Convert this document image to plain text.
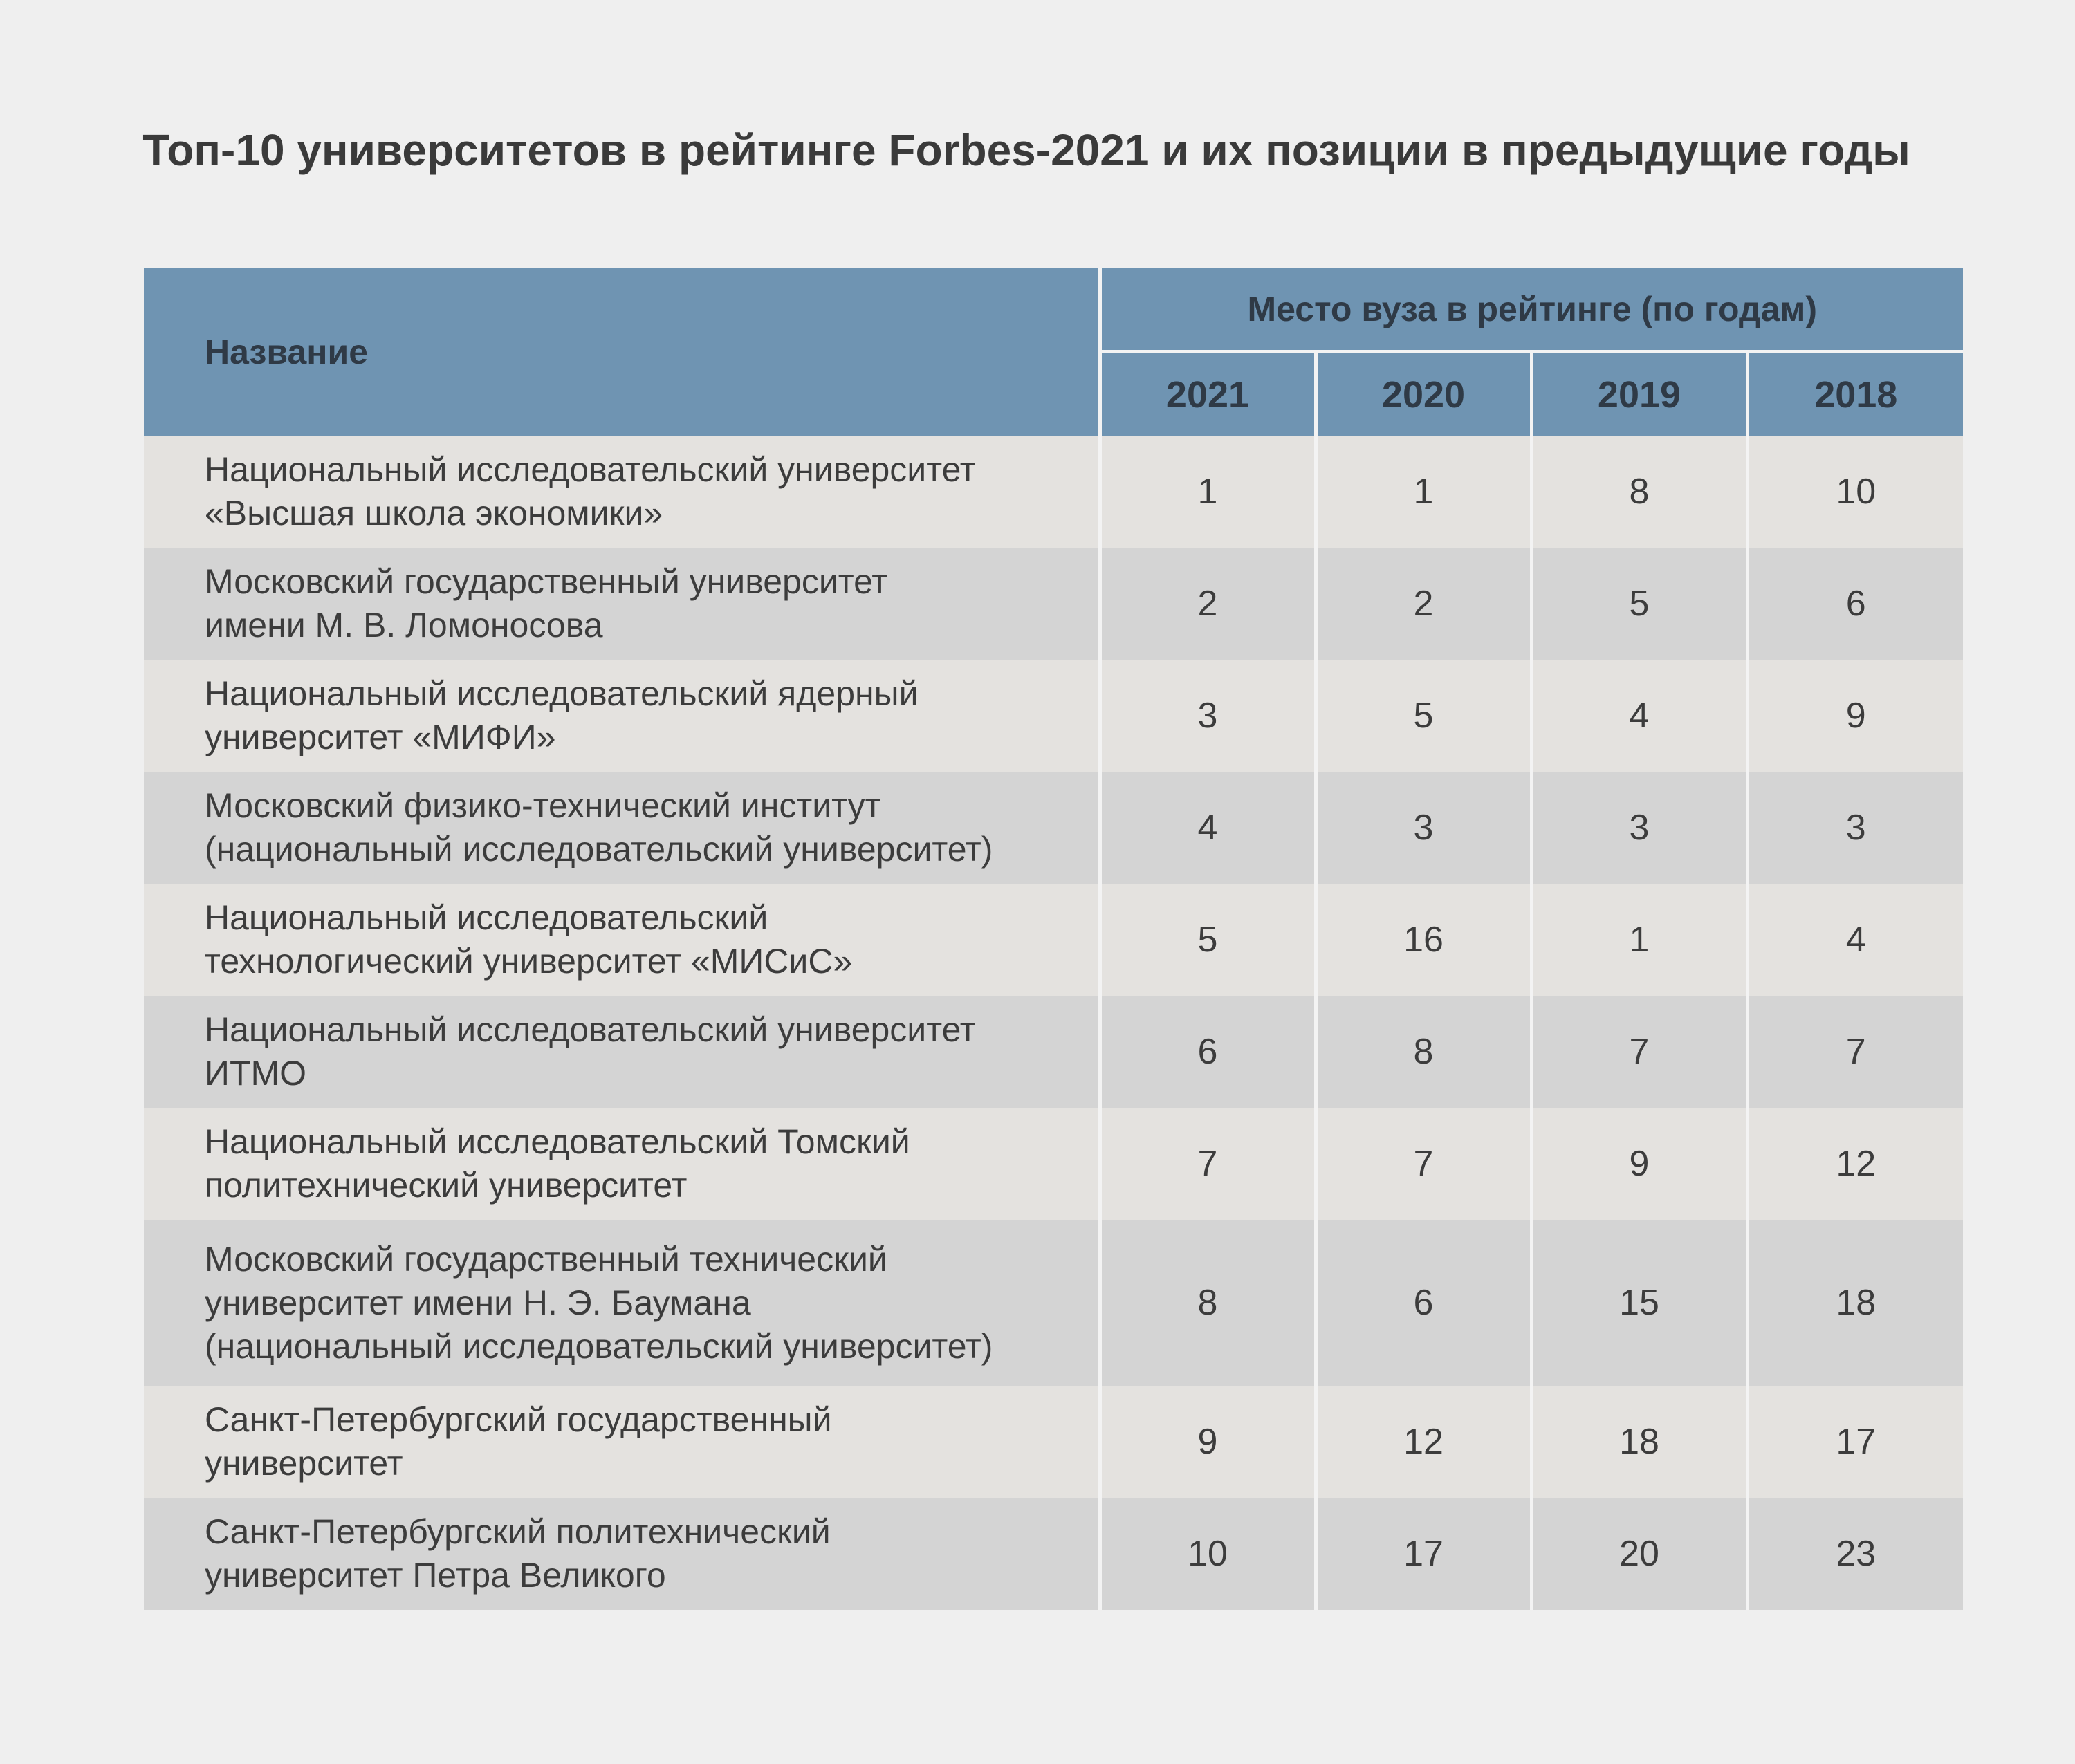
Топ-10 университетов в рейтинге Forbes-2021 и их позиции в предыдущие годы
Название	Место вуза в рейтинге (по годам)			
	2021	2020	2019	2018

Национальный исследовательский университет
«Высшая школа экономики»	1	1	8	10

Московский государственный университет
имени М. В. Ломоносова	2	2	5	6

Национальный исследовательский ядерный
университет «МИФИ»	3	5	4	9

Московский физико-технический институт
(национальный исследовательский университет)	4	3	3	3

Национальный исследовательский
технологический университет «МИСиС»	5	16	1	4

Национальный исследовательский университет
ИТМО	6	8	7	7

Национальный исследовательский Томский
политехнический университет	7	7	9	12

Московский государственный технический
университет имени Н. Э. Баумана
(национальный исследовательский университет)	8	6	15	18

Санкт-Петербургский государственный
университет	9	12	18	17

Санкт-Петербургский политехнический
университет Петра Великого	10	17	20	23
